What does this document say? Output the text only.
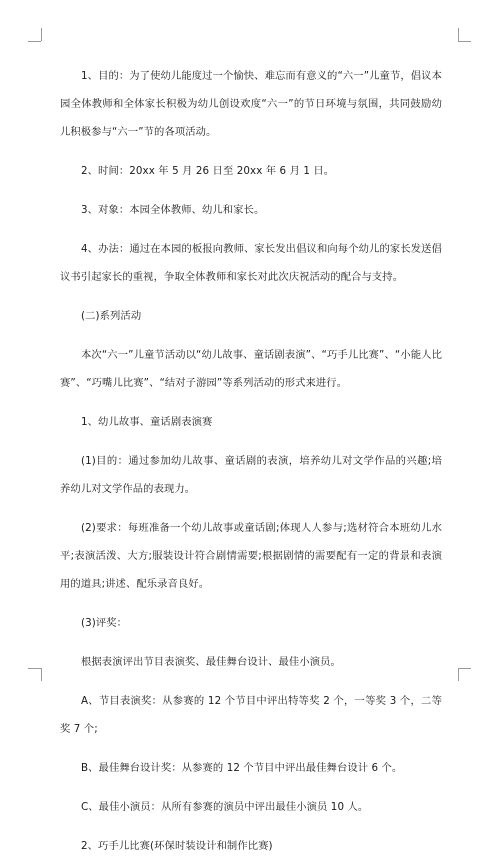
1、目的：为了使幼儿能度过一个愉快、难忘而有意义的“六一”儿童节，倡议本园全体教师和全体家长积极为幼儿创设欢度“六一”的节日环境与氛围，共同鼓励幼儿积极参与“六一”节的各项活动。

2、时间：20xx 年 5 月 26 日至 20xx 年 6 月 1 日。

3、对象：本园全体教师、幼儿和家长。

4、办法：通过在本园的板报向教师、家长发出倡议和向每个幼儿的家长发送倡议书引起家长的重视，争取全体教师和家长对此次庆祝活动的配合与支持。

(二)系列活动

本次“六一”儿童节活动以“幼儿故事、童话剧表演”、“巧手儿比赛”、“小能人比赛”、“巧嘴儿比赛”、“结对子游园”等系列活动的形式来进行。

1、幼儿故事、童话剧表演赛

(1)目的：通过参加幼儿故事、童话剧的表演，培养幼儿对文学作品的兴趣;培养幼儿对文学作品的表现力。

(2)要求：每班准备一个幼儿故事或童话剧;体现人人参与;选材符合本班幼儿水平;表演活泼、大方;服装设计符合剧情需要;根据剧情的需要配有一定的背景和表演用的道具;讲述、配乐录音良好。

(3)评奖：

根据表演评出节目表演奖、最佳舞台设计、最佳小演员。

A、节目表演奖：从参赛的 12 个节目中评出特等奖 2 个，一等奖 3 个，二等奖 7 个;

B、最佳舞台设计奖：从参赛的 12 个节目中评出最佳舞台设计 6 个。

C、最佳小演员：从所有参赛的演员中评出最佳小演员 10 人。

2、巧手儿比赛(环保时装设计和制作比赛)
